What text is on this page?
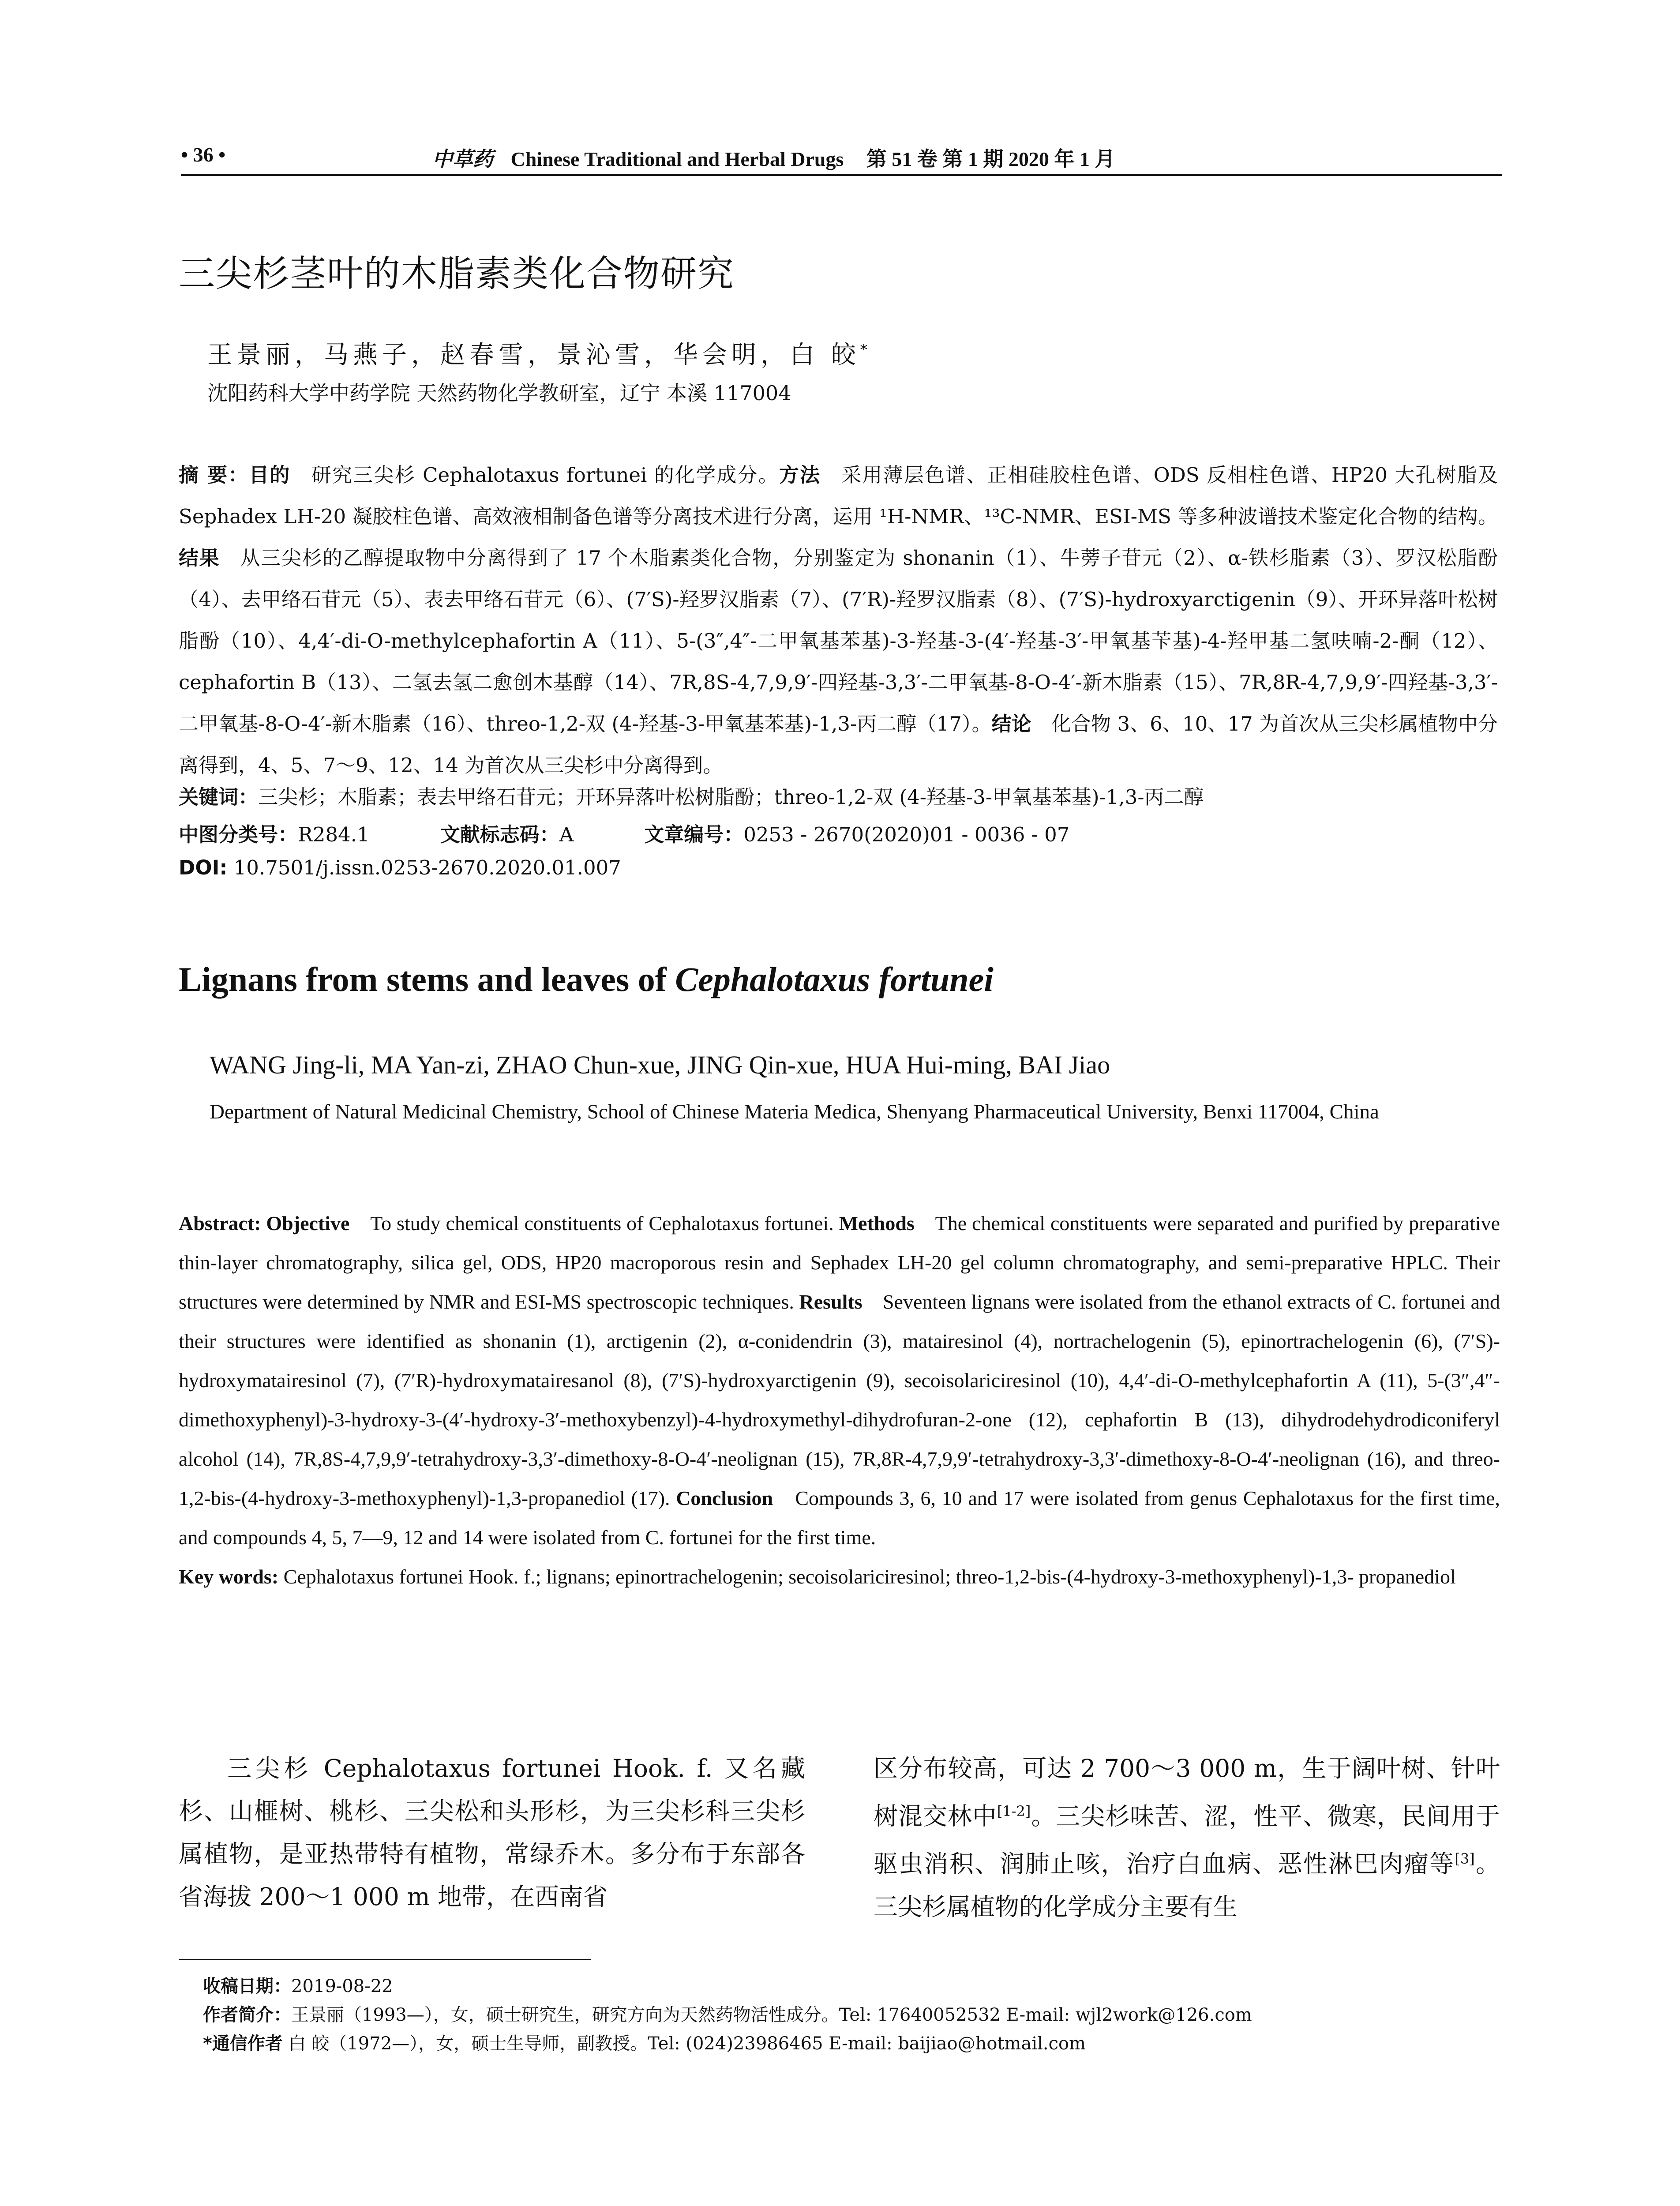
• 36 •	中草药 Chinese Traditional and Herbal Drugs 第 51 卷 第 1 期 2020 年 1 月
三尖杉茎叶的木脂素类化合物研究
王景丽，马燕子，赵春雪，景沁雪，华会明，白 皎*
沈阳药科大学中药学院 天然药物化学教研室，辽宁 本溪 117004
摘 要：目的　研究三尖杉 Cephalotaxus fortunei 的化学成分。方法　采用薄层色谱、正相硅胶柱色谱、ODS 反相柱色谱、HP20 大孔树脂及 Sephadex LH-20 凝胶柱色谱、高效液相制备色谱等分离技术进行分离，运用 ¹H-NMR、¹³C-NMR、ESI-MS 等多种波谱技术鉴定化合物的结构。结果　从三尖杉的乙醇提取物中分离得到了 17 个木脂素类化合物，分别鉴定为 shonanin（1）、牛蒡子苷元（2）、α-铁杉脂素（3）、罗汉松脂酚（4）、去甲络石苷元（5）、表去甲络石苷元（6）、(7′S)-羟罗汉脂素（7）、(7′R)-羟罗汉脂素（8）、(7′S)-hydroxyarctigenin（9）、开环异落叶松树脂酚（10）、4,4′-di-O-methylcephafortin A（11）、5-(3″,4″-二甲氧基苯基)-3-羟基-3-(4′-羟基-3′-甲氧基苄基)-4-羟甲基二氢呋喃-2-酮（12）、cephafortin B（13）、二氢去氢二愈创木基醇（14）、7R,8S-4,7,9,9′-四羟基-3,3′-二甲氧基-8-O-4′-新木脂素（15）、7R,8R-4,7,9,9′-四羟基-3,3′-二甲氧基-8-O-4′-新木脂素（16）、threo-1,2-双 (4-羟基-3-甲氧基苯基)-1,3-丙二醇（17）。结论　化合物 3、6、10、17 为首次从三尖杉属植物中分离得到，4、5、7～9、12、14 为首次从三尖杉中分离得到。
关键词：三尖杉；木脂素；表去甲络石苷元；开环异落叶松树脂酚；threo-1,2-双 (4-羟基-3-甲氧基苯基)-1,3-丙二醇
中图分类号：R284.1	文献标志码：A	文章编号：0253 - 2670(2020)01 - 0036 - 07
DOI: 10.7501/j.issn.0253-2670.2020.01.007
Lignans from stems and leaves of Cephalotaxus fortunei
WANG Jing-li, MA Yan-zi, ZHAO Chun-xue, JING Qin-xue, HUA Hui-ming, BAI Jiao
Department of Natural Medicinal Chemistry, School of Chinese Materia Medica, Shenyang Pharmaceutical University, Benxi 117004, China
Abstract: Objective　To study chemical constituents of Cephalotaxus fortunei. Methods　The chemical constituents were separated and purified by preparative thin-layer chromatography, silica gel, ODS, HP20 macroporous resin and Sephadex LH-20 gel column chromatography, and semi-preparative HPLC. Their structures were determined by NMR and ESI-MS spectroscopic techniques. Results　Seventeen lignans were isolated from the ethanol extracts of C. fortunei and their structures were identified as shonanin (1), arctigenin (2), α-conidendrin (3), matairesinol (4), nortrachelogenin (5), epinortrachelogenin (6), (7′S)- hydroxymatairesinol (7), (7′R)-hydroxymatairesanol (8), (7′S)-hydroxyarctigenin (9), secoisolariciresinol (10), 4,4′-di-O-methylcephafortin A (11), 5-(3″,4″-dimethoxyphenyl)-3-hydroxy-3-(4′-hydroxy-3′-methoxybenzyl)-4-hydroxymethyl-dihydrofuran-2-one (12), cephafortin B (13), dihydrodehydrodiconiferyl alcohol (14), 7R,8S-4,7,9,9′-tetrahydroxy-3,3′-dimethoxy-8-O-4′-neolignan (15), 7R,8R-4,7,9,9′-tetrahydroxy-3,3′-dimethoxy-8-O-4′-neolignan (16), and threo-1,2-bis-(4-hydroxy-3-methoxyphenyl)-1,3-propanediol (17). Conclusion　Compounds 3, 6, 10 and 17 were isolated from genus Cephalotaxus for the first time, and compounds 4, 5, 7—9, 12 and 14 were isolated from C. fortunei for the first time.
Key words: Cephalotaxus fortunei Hook. f.; lignans; epinortrachelogenin; secoisolariciresinol; threo-1,2-bis-(4-hydroxy-3-methoxyphenyl)-1,3- propanediol
三尖杉 Cephalotaxus fortunei Hook. f. 又名藏杉、山榧树、桃杉、三尖松和头形杉，为三尖杉科三尖杉属植物，是亚热带特有植物，常绿乔木。多分布于东部各省海拔 200～1 000 m 地带，在西南省
区分布较高，可达 2 700～3 000 m，生于阔叶树、针叶树混交林中[1-2]。三尖杉味苦、涩，性平、微寒，民间用于驱虫消积、润肺止咳，治疗白血病、恶性淋巴肉瘤等[3]。三尖杉属植物的化学成分主要有生
收稿日期：2019-08-22
作者简介：王景丽（1993—），女，硕士研究生，研究方向为天然药物活性成分。Tel: 17640052532 E-mail: wjl2work@126.com
*通信作者 白 皎（1972—），女，硕士生导师，副教授。Tel: (024)23986465 E-mail: baijiao@hotmail.com
